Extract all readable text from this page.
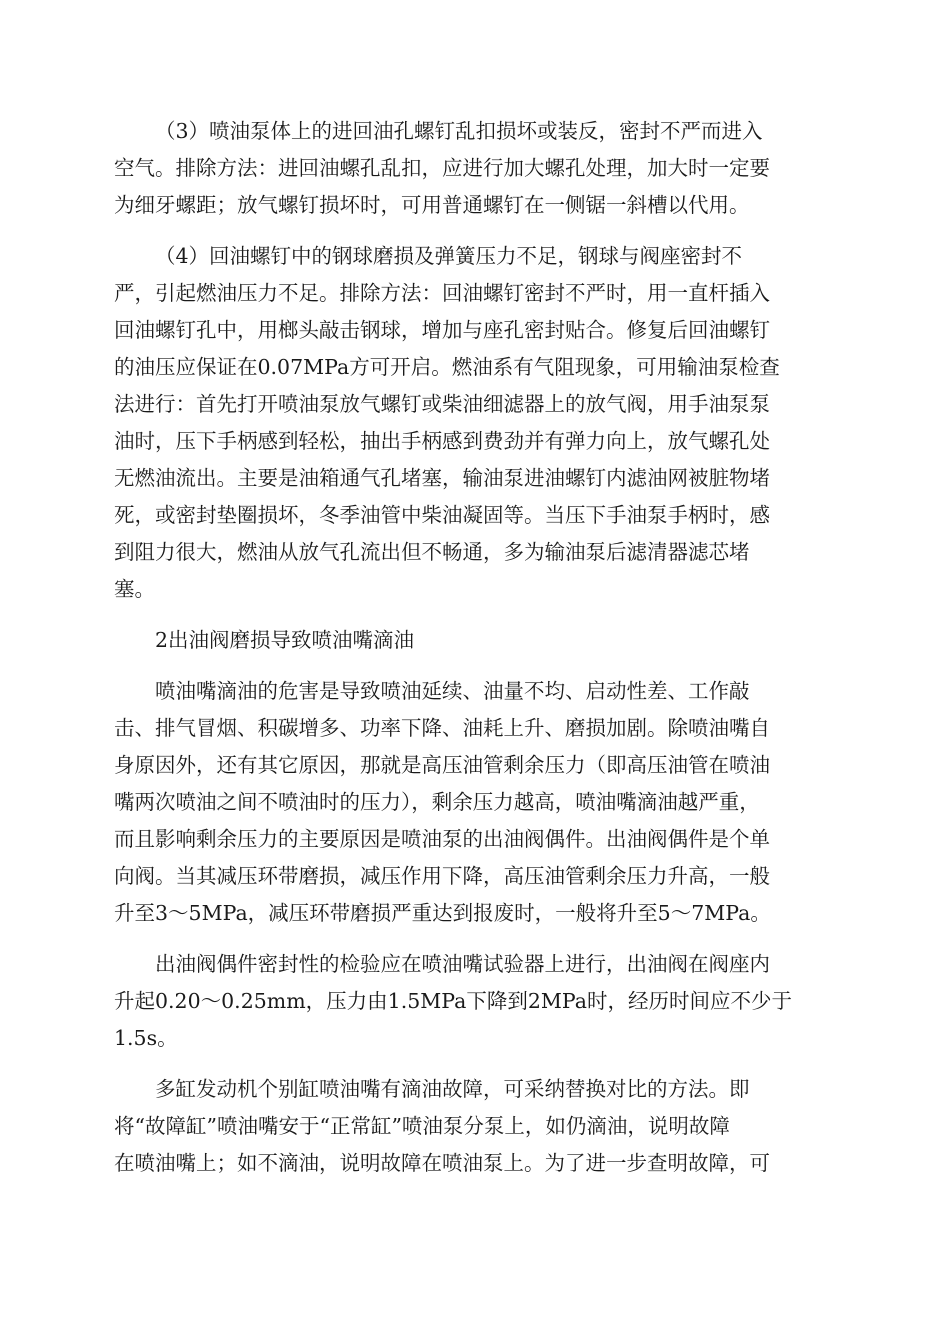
（3）喷油泵体上的进回油孔螺钉乱扣损坏或装反，密封不严而进入
空气。排除方法：进回油螺孔乱扣，应进行加大螺孔处理，加大时一定要
为细牙螺距；放气螺钉损坏时，可用普通螺钉在一侧锯一斜槽以代用。

（4）回油螺钉中的钢球磨损及弹簧压力不足，钢球与阀座密封不
严，引起燃油压力不足。排除方法：回油螺钉密封不严时，用一直杆插入
回油螺钉孔中，用榔头敲击钢球，增加与座孔密封贴合。修复后回油螺钉
的油压应保证在0.07MPa方可开启。燃油系有气阻现象，可用输油泵检查
法进行：首先打开喷油泵放气螺钉或柴油细滤器上的放气阀，用手油泵泵
油时，压下手柄感到轻松，抽出手柄感到费劲并有弹力向上，放气螺孔处
无燃油流出。主要是油箱通气孔堵塞，输油泵进油螺钉内滤油网被脏物堵
死，或密封垫圈损坏，冬季油管中柴油凝固等。当压下手油泵手柄时，感
到阻力很大，燃油从放气孔流出但不畅通，多为输油泵后滤清器滤芯堵
塞。

2出油阀磨损导致喷油嘴滴油

喷油嘴滴油的危害是导致喷油延续、油量不均、启动性差、工作敲
击、排气冒烟、积碳增多、功率下降、油耗上升、磨损加剧。除喷油嘴自
身原因外，还有其它原因，那就是高压油管剩余压力（即高压油管在喷油
嘴两次喷油之间不喷油时的压力），剩余压力越高，喷油嘴滴油越严重，
而且影响剩余压力的主要原因是喷油泵的出油阀偶件。出油阀偶件是个单
向阀。当其减压环带磨损，减压作用下降，高压油管剩余压力升高，一般
升至3～5MPa，减压环带磨损严重达到报废时，一般将升至5～7MPa。

出油阀偶件密封性的检验应在喷油嘴试验器上进行，出油阀在阀座内
升起0.20～0.25mm，压力由1.5MPa下降到2MPa时，经历时间应不少于
1.5s。

多缸发动机个别缸喷油嘴有滴油故障，可采纳替换对比的方法。即
将“故障缸”喷油嘴安于“正常缸”喷油泵分泵上，如仍滴油，说明故障
在喷油嘴上；如不滴油，说明故障在喷油泵上。为了进一步查明故障，可
